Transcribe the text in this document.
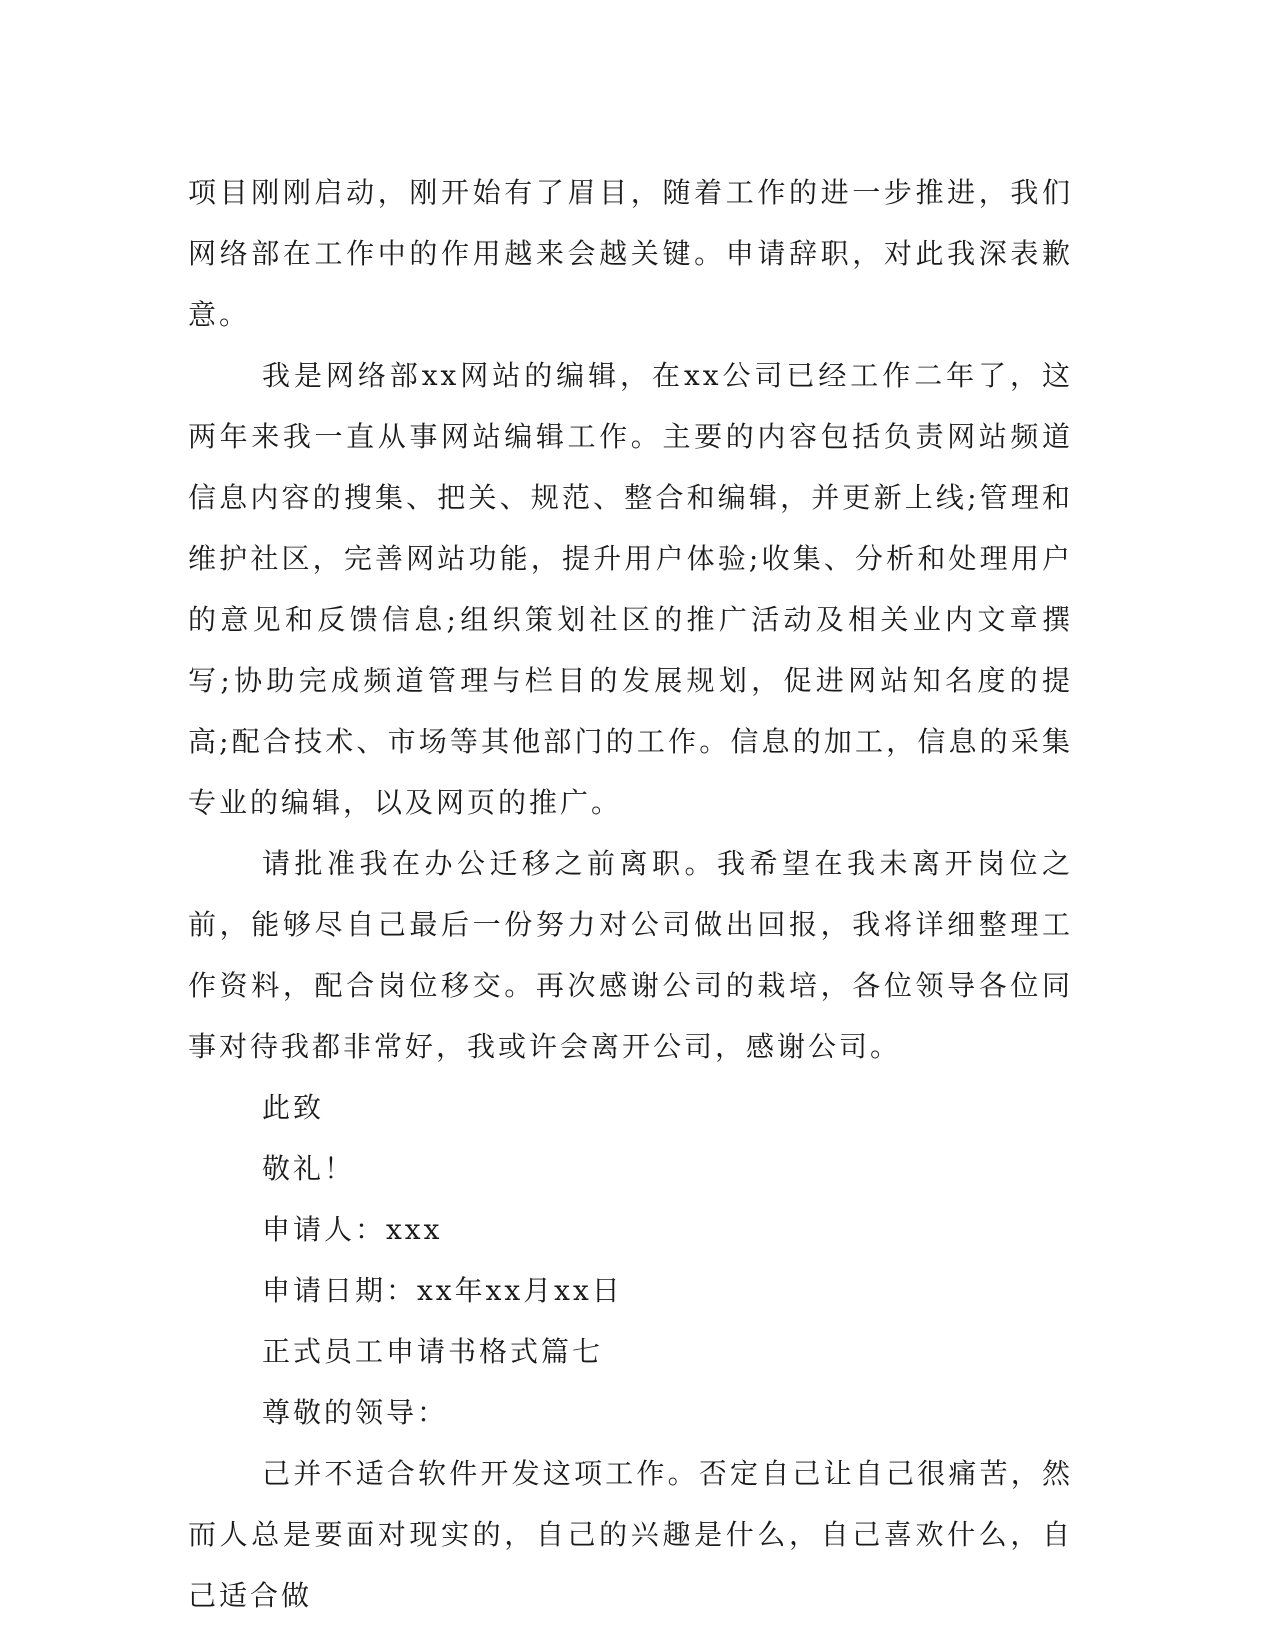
项目刚刚启动，刚开始有了眉目，随着工作的进一步推进，我们网络部在工作中的作用越来会越关键。申请辞职，对此我深表歉意。

我是网络部xx网站的编辑，在xx公司已经工作二年了，这两年来我一直从事网站编辑工作。主要的内容包括负责网站频道信息内容的搜集、把关、规范、整合和编辑，并更新上线;管理和维护社区，完善网站功能，提升用户体验;收集、分析和处理用户的意见和反馈信息;组织策划社区的推广活动及相关业内文章撰写;协助完成频道管理与栏目的发展规划，促进网站知名度的提高;配合技术、市场等其他部门的工作。信息的加工，信息的采集专业的编辑，以及网页的推广。

请批准我在办公迁移之前离职。我希望在我未离开岗位之前，能够尽自己最后一份努力对公司做出回报，我将详细整理工作资料，配合岗位移交。再次感谢公司的栽培，各位领导各位同事对待我都非常好，我或许会离开公司，感谢公司。

此致

敬礼！

申请人：xxx

申请日期：xx年xx月xx日

正式员工申请书格式篇七

尊敬的领导：

己并不适合软件开发这项工作。否定自己让自己很痛苦，然而人总是要面对现实的，自己的兴趣是什么，自己喜欢什么，自己适合做
